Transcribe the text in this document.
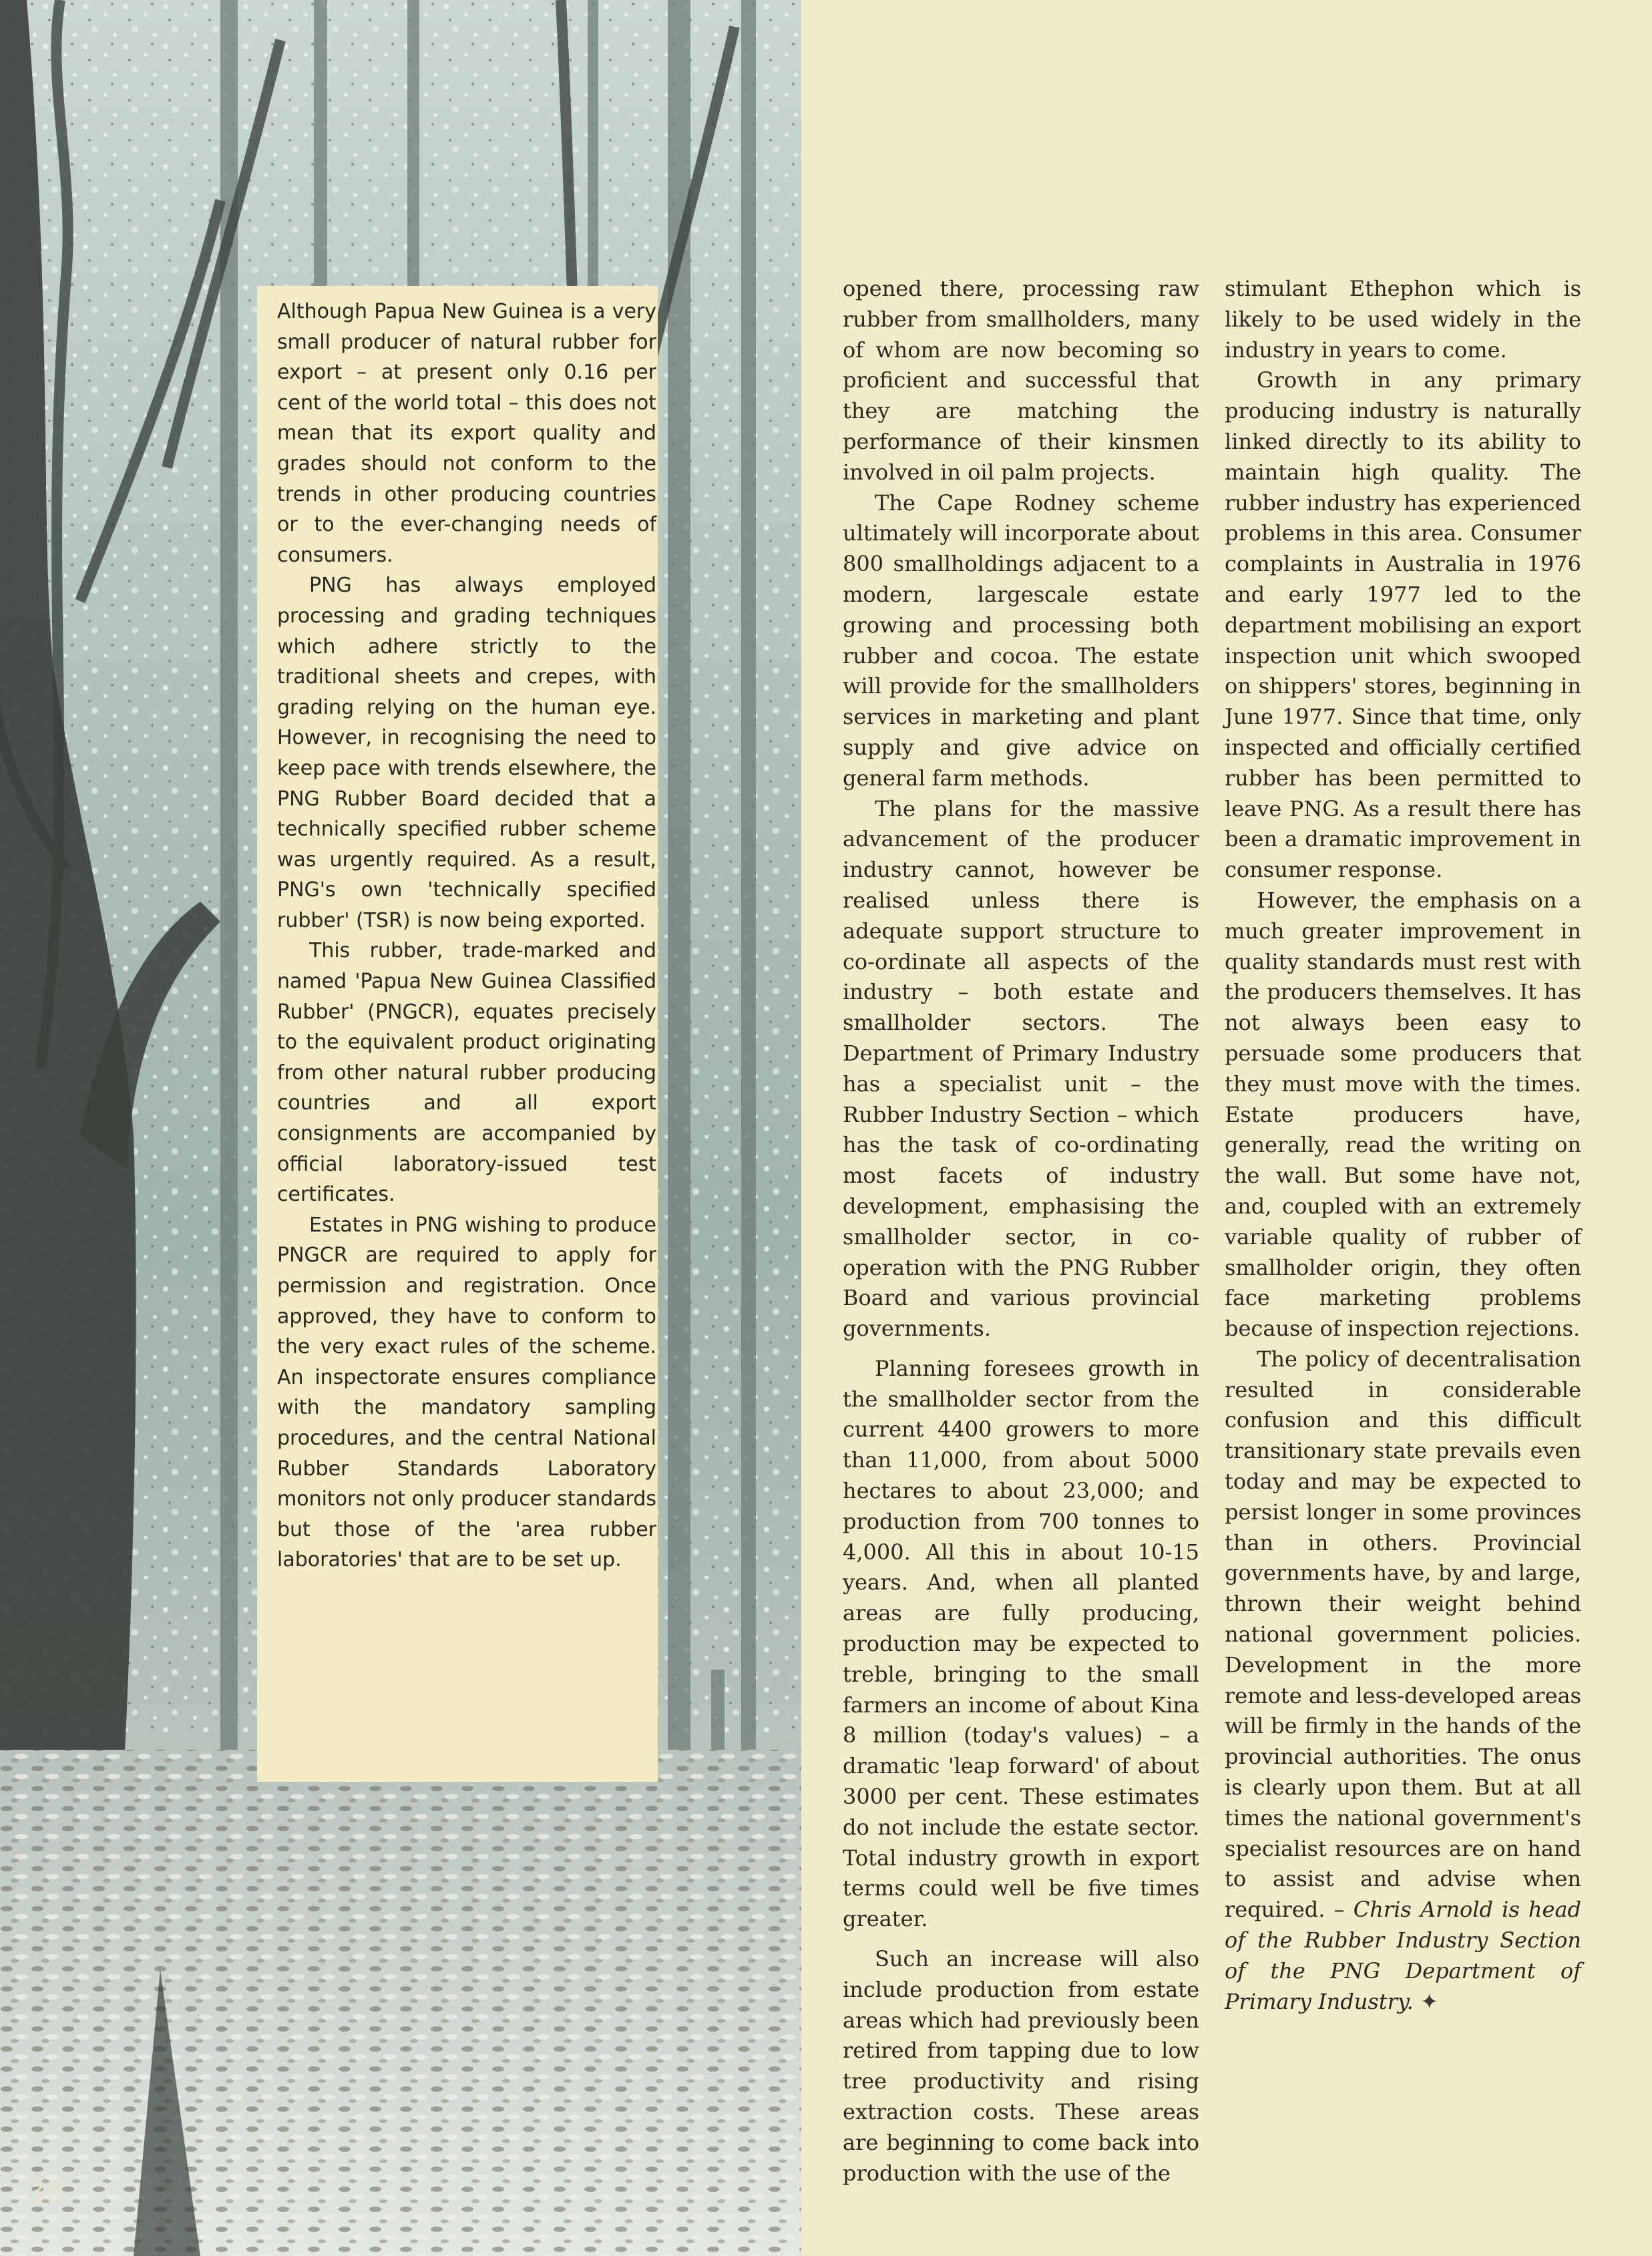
Although Papua New Guinea is a very small producer of natural rubber for export – at present only 0.16 per cent of the world total – this does not mean that its export quality and grades should not conform to the trends in other producing countries or to the ever-changing needs of consumers.

PNG has always employed processing and grading techniques which adhere strictly to the traditional sheets and crepes, with grading relying on the human eye. However, in recognising the need to keep pace with trends elsewhere, the PNG Rubber Board decided that a technically specified rubber scheme was urgently required. As a result, PNG's own 'technically specified rubber' (TSR) is now being exported.

This rubber, trade-marked and named 'Papua New Guinea Classified Rubber' (PNGCR), equates precisely to the equivalent product originating from other natural rubber producing countries and all export consignments are accompanied by official laboratory-issued test certificates.

Estates in PNG wishing to produce PNGCR are required to apply for permission and registration. Once approved, they have to conform to the very exact rules of the scheme. An inspectorate ensures compliance with the mandatory sampling procedures, and the central National Rubber Standards Laboratory monitors not only producer standards but those of the 'area rubber laboratories' that are to be set up.

opened there, processing raw rubber from smallholders, many of whom are now becoming so proficient and successful that they are matching the performance of their kinsmen involved in oil palm projects.

The Cape Rodney scheme ultimately will incorporate about 800 smallholdings adjacent to a modern, largescale estate growing and processing both rubber and cocoa. The estate will provide for the smallholders services in marketing and plant supply and give advice on general farm methods.

The plans for the massive advancement of the producer industry cannot, however be realised unless there is adequate support structure to co-ordinate all aspects of the industry – both estate and smallholder sectors. The Department of Primary Industry has a specialist unit – the Rubber Industry Section – which has the task of co-ordinating most facets of industry development, emphasising the smallholder sector, in co-operation with the PNG Rubber Board and various provincial governments.

Planning foresees growth in the smallholder sector from the current 4400 growers to more than 11,000, from about 5000 hectares to about 23,000; and production from 700 tonnes to 4,000. All this in about 10-15 years. And, when all planted areas are fully producing, production may be expected to treble, bringing to the small farmers an income of about Kina 8 million (today's values) – a dramatic 'leap forward' of about 3000 per cent. These estimates do not include the estate sector. Total industry growth in export terms could well be five times greater.

Such an increase will also include production from estate areas which had previously been retired from tapping due to low tree productivity and rising extraction costs. These areas are beginning to come back into production with the use of the

stimulant Ethephon which is likely to be used widely in the industry in years to come.

Growth in any primary producing industry is naturally linked directly to its ability to maintain high quality. The rubber industry has experienced problems in this area. Consumer complaints in Australia in 1976 and early 1977 led to the department mobilising an export inspection unit which swooped on shippers' stores, beginning in June 1977. Since that time, only inspected and officially certified rubber has been permitted to leave PNG. As a result there has been a dramatic improvement in consumer response.

However, the emphasis on a much greater improvement in quality standards must rest with the producers themselves. It has not always been easy to persuade some producers that they must move with the times. Estate producers have, generally, read the writing on the wall. But some have not, and, coupled with an extremely variable quality of rubber of smallholder origin, they often face marketing problems because of inspection rejections.

The policy of decentralisation resulted in considerable confusion and this difficult transitionary state prevails even today and may be expected to persist longer in some provinces than in others. Provincial governments have, by and large, thrown their weight behind national government policies. Development in the more remote and less-developed areas will be firmly in the hands of the provincial authorities. The onus is clearly upon them. But at all times the national government's specialist resources are on hand to assist and advise when required. – Chris Arnold is head of the Rubber Industry Section of the PNG Department of Primary Industry. ✦

38
